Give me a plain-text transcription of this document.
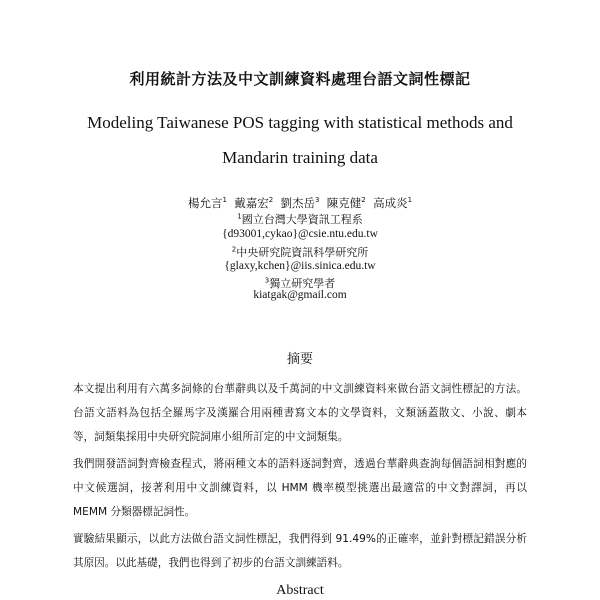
利用統計方法及中文訓練資料處理台語文詞性標記
Modeling Taiwanese POS tagging with statistical methods and
Mandarin training data
楊允言$^1$ 戴嘉宏$^2$ 劉杰岳$^3$ 陳克健$^2$ 高成炎$^1$
$^1$國立台灣大學資訊工程系
{d93001,cykao}@csie.ntu.edu.tw
$^2$中央研究院資訊科學研究所
{glaxy,kchen}@iis.sinica.edu.tw
$^3$獨立研究學者
kiatgak@gmail.com
摘要
本文提出利用有六萬多詞條的台華辭典以及千萬詞的中文訓練資料來做台語文詞性標記的方法。台語文語料為包括全羅馬字及漢羅合用兩種書寫文本的文學資料，文類涵蓋散文、小說、劇本等，詞類集採用中央研究院詞庫小組所訂定的中文詞類集。
我們開發語詞對齊檢查程式，將兩種文本的語料逐詞對齊，透過台華辭典查詢每個語詞相對應的中文候選詞，接著利用中文訓練資料，以 HMM 機率模型挑選出最適當的中文對譯詞，再以 MEMM 分類器標記詞性。
實驗結果顯示，以此方法做台語文詞性標記，我們得到 91.49%的正確率，並針對標記錯誤分析其原因。以此基礎，我們也得到了初步的台語文訓練語料。
Abstract
